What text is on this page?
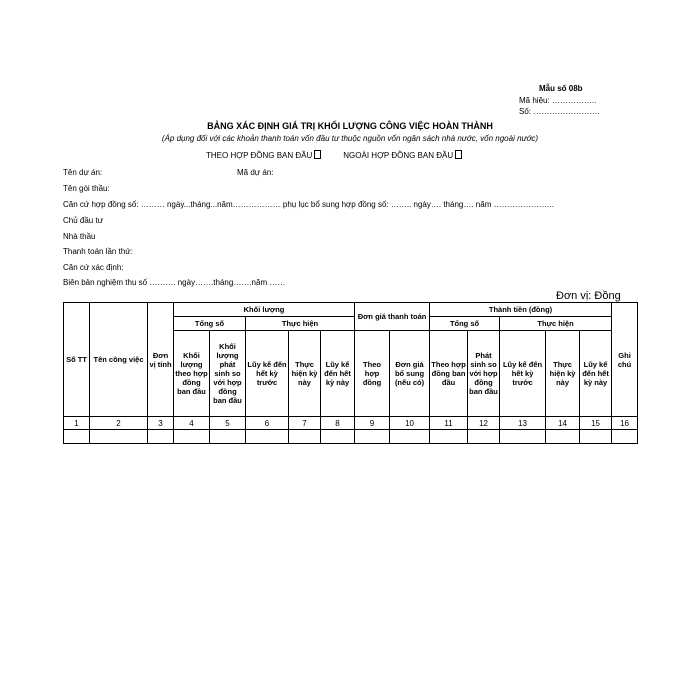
Mẫu số 08b
Mã hiệu: ……………..
Số: …………………….
BẢNG XÁC ĐỊNH GIÁ TRỊ KHỐI LƯỢNG CÔNG VIỆC HOÀN THÀNH
(Áp dụng đối với các khoản thanh toán vốn đầu tư thuộc nguồn vốn ngân sách nhà nước, vốn ngoài nước)
THEO HỢP ĐỒNG BAN ĐẦU	NGOÀI HỢP ĐỒNG BAN ĐẦU
Tên dự án:	Mã dự án:
Tên gói thầu:
Căn cứ hợp đồng số: ……… ngày...tháng...năm……………… phụ lục bổ sung hợp đồng số: …….. ngày…. tháng…. năm …………………..
Chủ đầu tư
Nhà thầu
Thanh toán lần thứ:
Căn cứ xác định:
Biên bản nghiệm thu số ………. ngày…….tháng…….năm ……
Đơn vị: Đồng
Số TT	Tên công việc	Đơn vị tính	Khối lượng					Đơn giá thanh toán		Thành tiền (đồng)					Ghi chú
			Tổng số		Thực hiện					Tổng số		Thực hiện			
			Khối lượng theo hợp đồng ban đầu	Khối lượng phát sinh so với hợp đồng ban đầu	Lũy kế đến hết kỳ trước	Thực hiện kỳ này	Lũy kế đến hết kỳ này	Theo hợp đồng	Đơn giá bổ sung (nếu có)	Theo hợp đồng ban đầu	Phát sinh so với hợp đồng ban đầu	Lũy kế đến hết kỳ trước	Thực hiện kỳ này	Lũy kế đến hết kỳ này	
1	2	3	4	5	6	7	8	9	10	11	12	13	14	15	16
